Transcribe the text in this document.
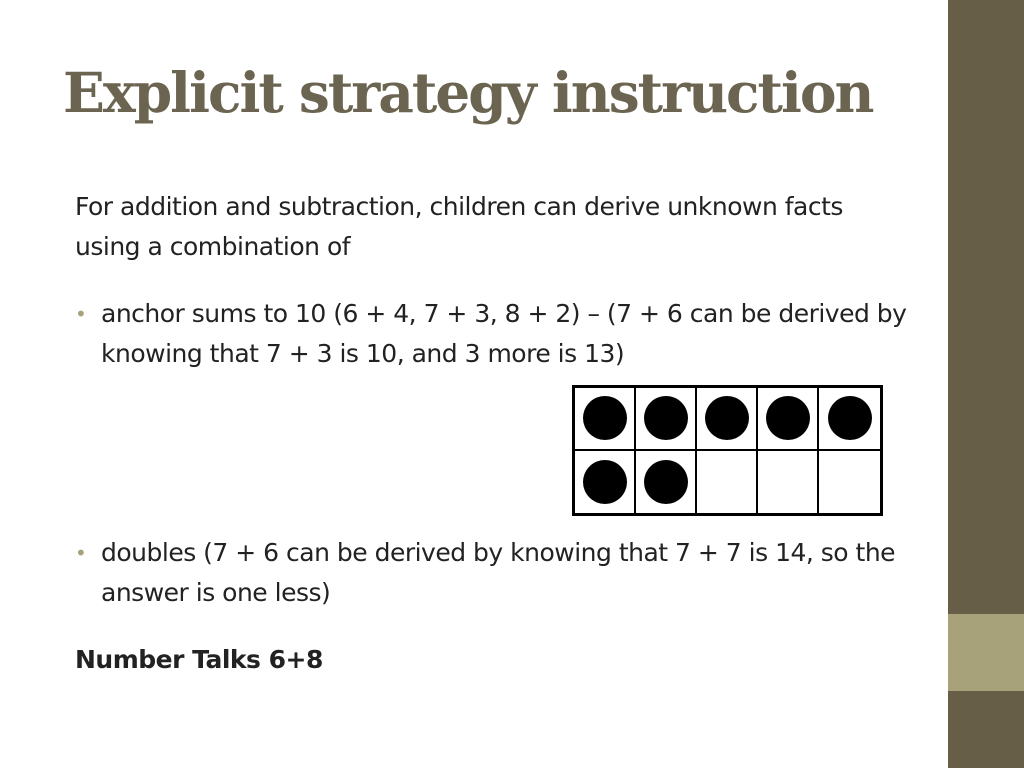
Explicit strategy instruction

For addition and subtraction, children can derive unknown facts using a combination of

• anchor sums to 10 (6 + 4, 7 + 3, 8 + 2) – (7 + 6 can be derived by knowing that 7 + 3 is 10, and 3 more is 13)
• doubles (7 + 6 can be derived by knowing that 7 + 7 is 14, so the answer is one less)

Number Talks 6+8
